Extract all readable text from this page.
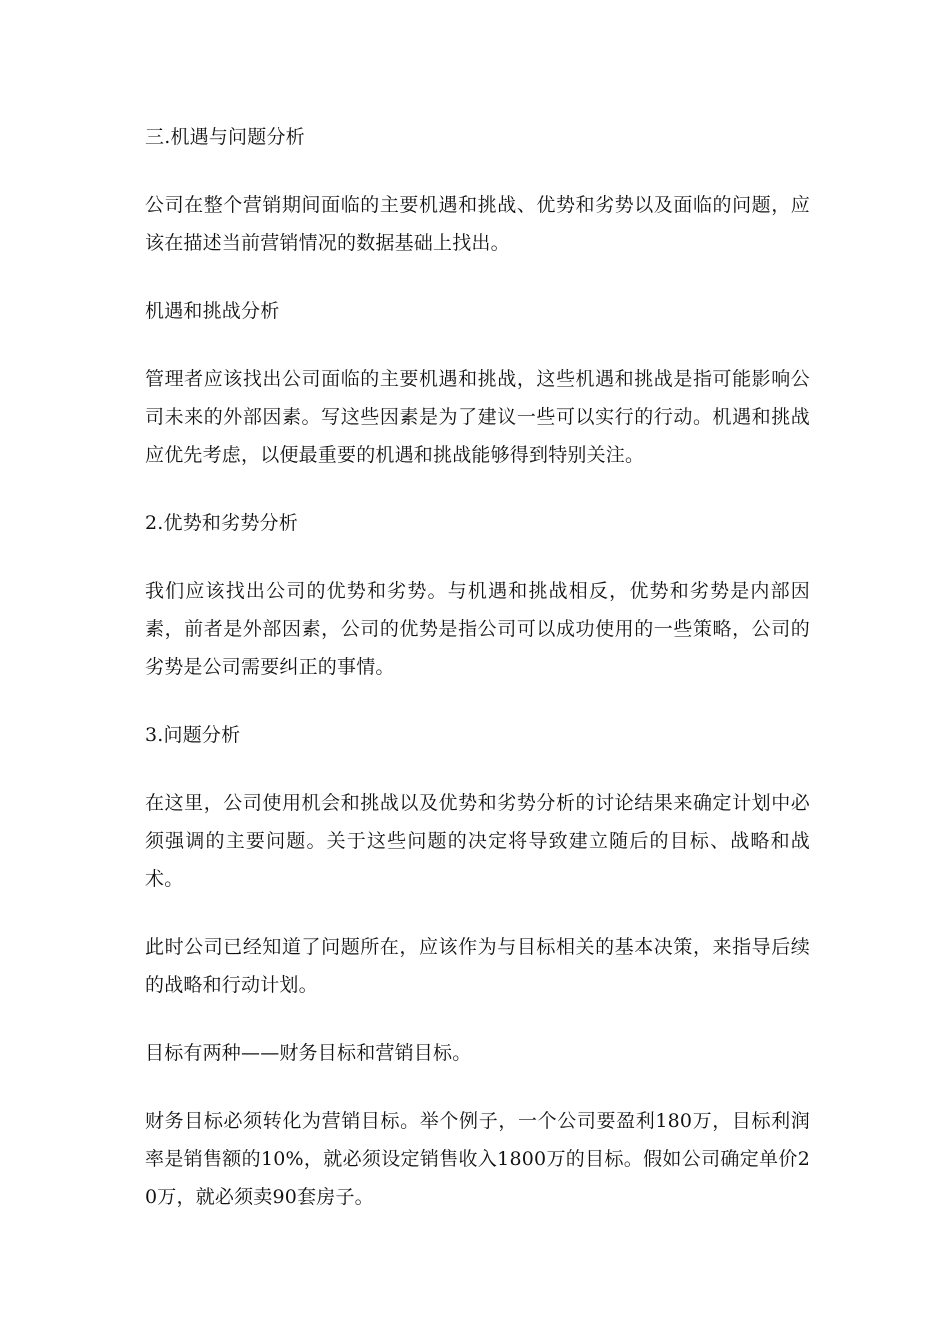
三.机遇与问题分析

公司在整个营销期间面临的主要机遇和挑战、优势和劣势以及面临的问题，应该在描述当前营销情况的数据基础上找出。

机遇和挑战分析

管理者应该找出公司面临的主要机遇和挑战，这些机遇和挑战是指可能影响公司未来的外部因素。写这些因素是为了建议一些可以实行的行动。机遇和挑战应优先考虑，以便最重要的机遇和挑战能够得到特别关注。

2.优势和劣势分析

我们应该找出公司的优势和劣势。与机遇和挑战相反，优势和劣势是内部因素，前者是外部因素，公司的优势是指公司可以成功使用的一些策略，公司的劣势是公司需要纠正的事情。

3.问题分析

在这里，公司使用机会和挑战以及优势和劣势分析的讨论结果来确定计划中必须强调的主要问题。关于这些问题的决定将导致建立随后的目标、战略和战术。

此时公司已经知道了问题所在，应该作为与目标相关的基本决策，来指导后续的战略和行动计划。

目标有两种——财务目标和营销目标。

财务目标必须转化为营销目标。举个例子，一个公司要盈利180万，目标利润率是销售额的10%，就必须设定销售收入1800万的目标。假如公司确定单价20万，就必须卖90套房子。
